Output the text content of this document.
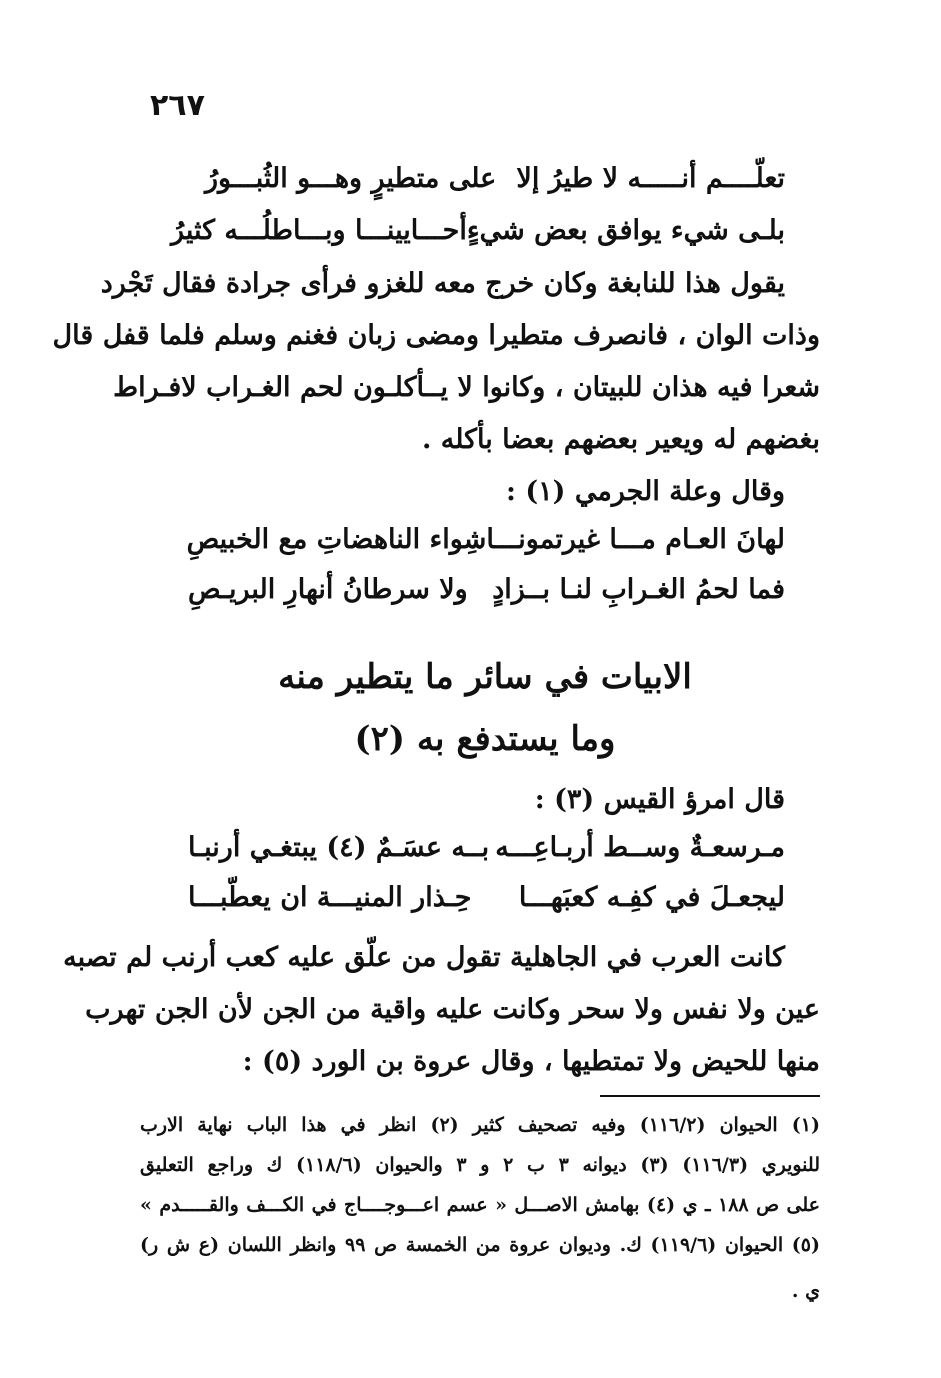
٢٦٧
تعلّــــم أنـــــه لا طيرُ إلا
على متطيرٍ وهـــو الثُبـــورُ
بلـى شيء يوافق بعض شيءٍ
أحـــايينـــا وبـــاطلُـــه كثيرُ
يقول هذا للنابغة وكان خرج معه للغزو فرأى جرادة فقال تَجْرد
وذات الوان ، فانصرف متطيرا ومضى زبان فغنم وسلم فلما قفل قال
شعرا فيه هذان للبيتان ، وكانوا لا يــأكلـون لحم الغـراب لافـراط
بغضهم له ويعير بعضهم بعضا بأكله .
وقال وعلة الجرمي (١) :
لهانَ العـام مـــا غيرتمونـــا
شِواء الناهضاتِ مع الخبيصِ
فما لحمُ الغـرابِ لنـا بــزادٍ
ولا سرطانُ أنهارِ البريـصِ
الابيات في سائر ما يتطير منه
وما يستدفع به (٢)
قال امرؤ القيس (٣) :
مـرسعـةٌ وســط أربـاعِـــه
بــه عسَـمٌ (٤) يبتغـي أرنبـا
ليجعـلَ في كفِـه كعبَهـــا
حِـذار المنيـــة ان يعطّبـــا
كانت العرب في الجاهلية تقول من علّق عليه كعب أرنب لم تصبه
عين ولا نفس ولا سحر وكانت عليه واقية من الجن لأن الجن تهرب
منها للحيض ولا تمتطيها ، وقال عروة بن الورد (٥) :
(١) الحيوان (١١٦/٢) وفيه تصحيف كثير (٢) انظر في هذا الباب نهاية الارب
للنويري (١١٦/٣) (٣) ديوانه ٣ ب ٢ و ٣ والحيوان (١١٨/٦) ك وراجع التعليق
على ص ١٨٨ ـ ي (٤) بهامش الاصـــل « عسم اعـــوجــــاج في الكـــف والقـــــدم »
(٥) الحيوان (١١٩/٦) ك. وديوان عروة من الخمسة ص ٩٩ وانظر اللسان (ع ش ر)
ي .
